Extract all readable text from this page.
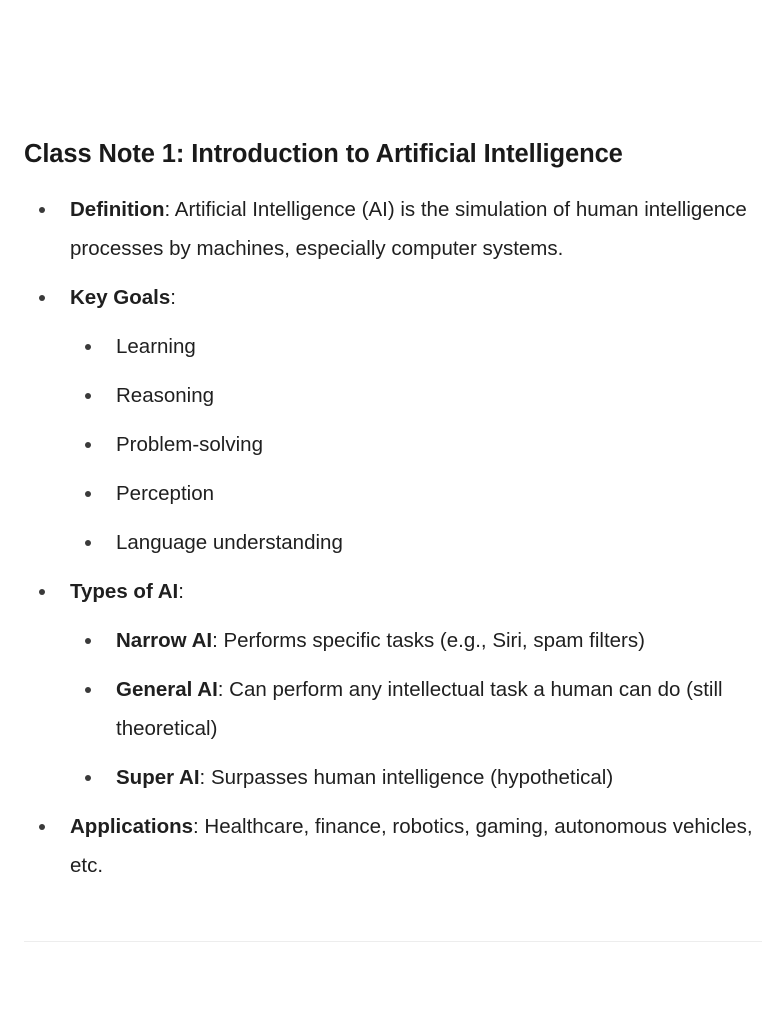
Class Note 1: Introduction to Artificial Intelligence
Definition: Artificial Intelligence (AI) is the simulation of human intelligence processes by machines, especially computer systems.
Key Goals:
Learning
Reasoning
Problem-solving
Perception
Language understanding
Types of AI:
Narrow AI: Performs specific tasks (e.g., Siri, spam filters)
General AI: Can perform any intellectual task a human can do (still theoretical)
Super AI: Surpasses human intelligence (hypothetical)
Applications: Healthcare, finance, robotics, gaming, autonomous vehicles, etc.
